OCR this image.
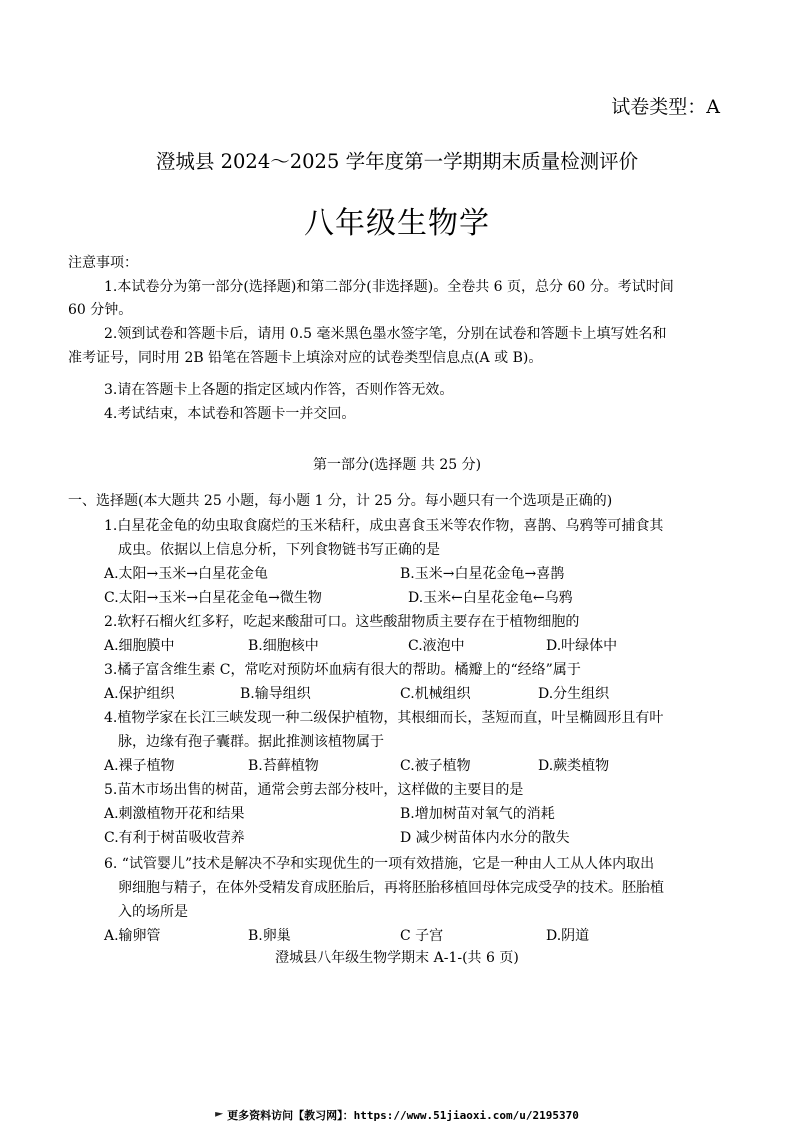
试卷类型：A
澄城县 2024～2025 学年度第一学期期末质量检测评价
八年级生物学
注意事项：
1.本试卷分为第一部分(选择题)和第二部分(非选择题)。全卷共 6 页，总分 60 分。考试时间
60 分钟。
2.领到试卷和答题卡后，请用 0.5 毫米黑色墨水签字笔，分别在试卷和答题卡上填写姓名和
准考证号，同时用 2B 铅笔在答题卡上填涂对应的试卷类型信息点(A 或 B)。
3.请在答题卡上各题的指定区域内作答，否则作答无效。
4.考试结束，本试卷和答题卡一并交回。
第一部分(选择题 共 25 分)
一、选择题(本大题共 25 小题，每小题 1 分，计 25 分。每小题只有一个选项是正确的)
1.白星花金龟的幼虫取食腐烂的玉米秸秆，成虫喜食玉米等农作物，喜鹊、乌鸦等可捕食其
成虫。依据以上信息分析，下列食物链书写正确的是
A.太阳→玉米→白星花金龟	B.玉米→白星花金龟→喜鹊
C.太阳→玉米→白星花金龟→微生物	D.玉米←白星花金龟←乌鸦
2.软籽石榴火红多籽，吃起来酸甜可口。这些酸甜物质主要存在于植物细胞的
A.细胞膜中	B.细胞核中	C.液泡中	D.叶绿体中
3.橘子富含维生素 C，常吃对预防坏血病有很大的帮助。橘瓣上的“经络”属于
A.保护组织	B.输导组织	C.机械组织	D.分生组织
4.植物学家在长江三峡发现一种二级保护植物，其根细而长，茎短而直，叶呈椭圆形且有叶
脉，边缘有孢子囊群。据此推测该植物属于
A.裸子植物	B.苔藓植物	C.被子植物	D.蕨类植物
5.苗木市场出售的树苗，通常会剪去部分枝叶，这样做的主要目的是
A.刺激植物开花和结果	B.增加树苗对氧气的消耗
C.有利于树苗吸收营养	D 减少树苗体内水分的散失
6. “试管婴儿”技术是解决不孕和实现优生的一项有效措施，它是一种由人工从人体内取出
卵细胞与精子，在体外受精发育成胚胎后，再将胚胎移植回母体完成受孕的技术。胚胎植
入的场所是
A.输卵管	B.卵巢	C 子宫	D.阴道
澄城县八年级生物学期末 A-1-(共 6 页)
更多资料访问【教习网】：https://www.51jiaoxi.com/u/2195370
